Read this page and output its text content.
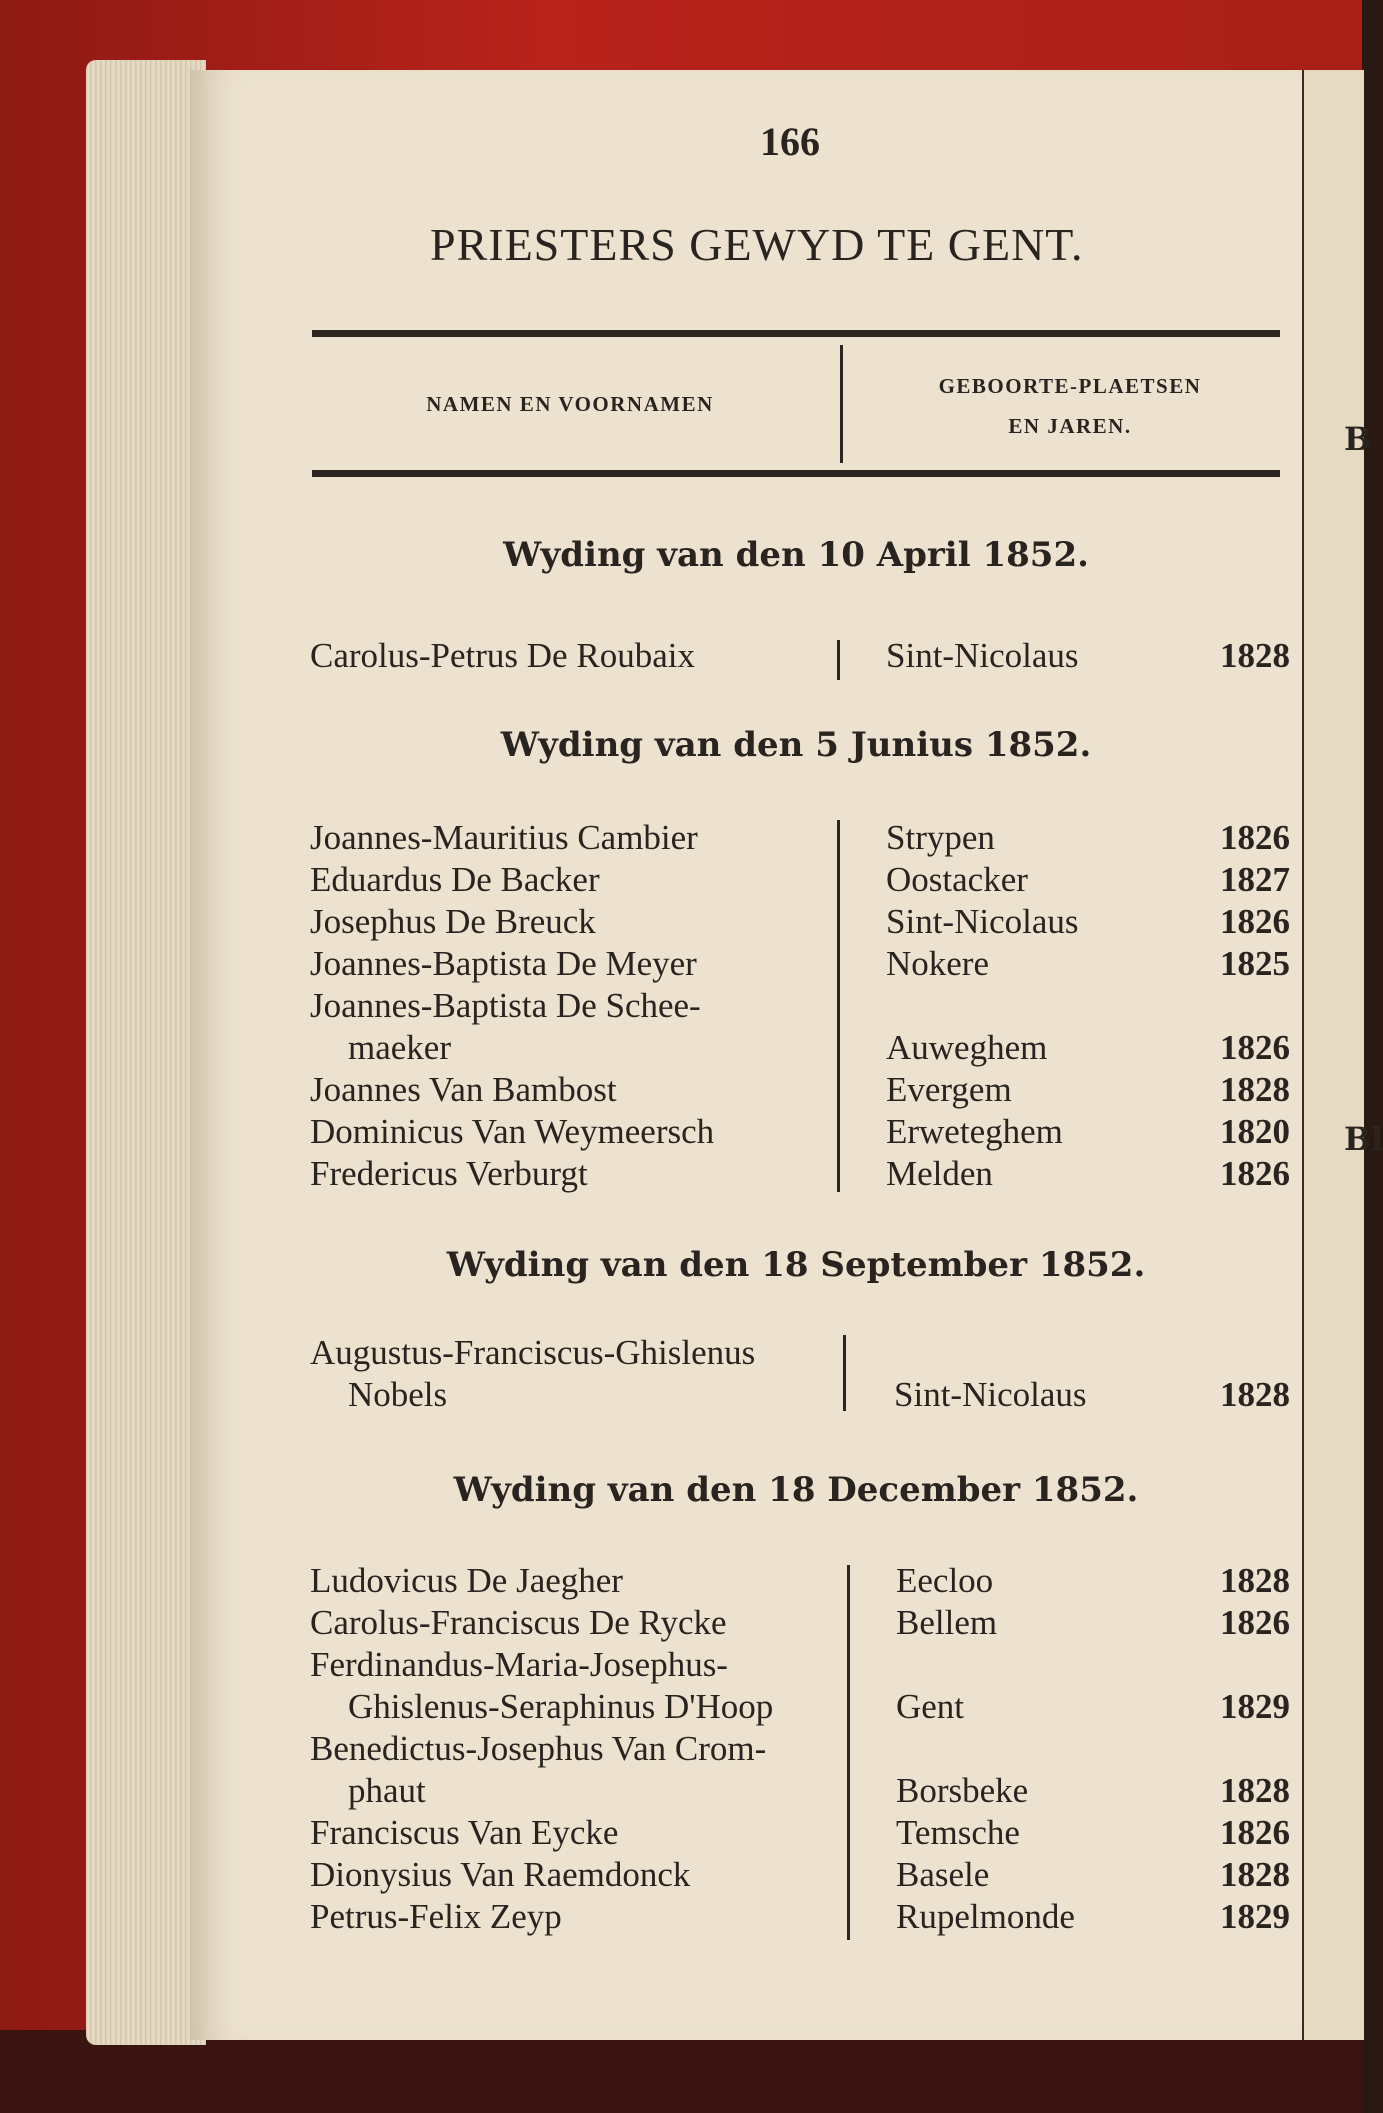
B
Bl
166
PRIESTERS GEWYD TE GENT.
NAMEN EN VOORNAMEN
GEBOORTE-PLAETSEN
EN JAREN.
Wyding van den 10 April 1852.
Carolus-Petrus De Roubaix	Sint-Nicolaus	1828
Wyding van den 5 Junius 1852.
Joannes-Mauritius Cambier	Strypen	1826
Eduardus De Backer	Oostacker	1827
Josephus De Breuck	Sint-Nicolaus	1826
Joannes-Baptista De Meyer	Nokere	1825
Joannes-Baptista De Schee-
maeker	Auweghem	1826
Joannes Van Bambost	Evergem	1828
Dominicus Van Weymeersch	Erweteghem	1820
Fredericus Verburgt	Melden	1826
Wyding van den 18 September 1852.
Augustus-Franciscus-Ghislenus
Nobels	Sint-Nicolaus	1828
Wyding van den 18 December 1852.
Ludovicus De Jaegher	Eecloo	1828
Carolus-Franciscus De Rycke	Bellem	1826
Ferdinandus-Maria-Josephus-
Ghislenus-Seraphinus D'Hoop	Gent	1829
Benedictus-Josephus Van Crom-
phaut	Borsbeke	1828
Franciscus Van Eycke	Temsche	1826
Dionysius Van Raemdonck	Basele	1828
Petrus-Felix Zeyp	Rupelmonde	1829
